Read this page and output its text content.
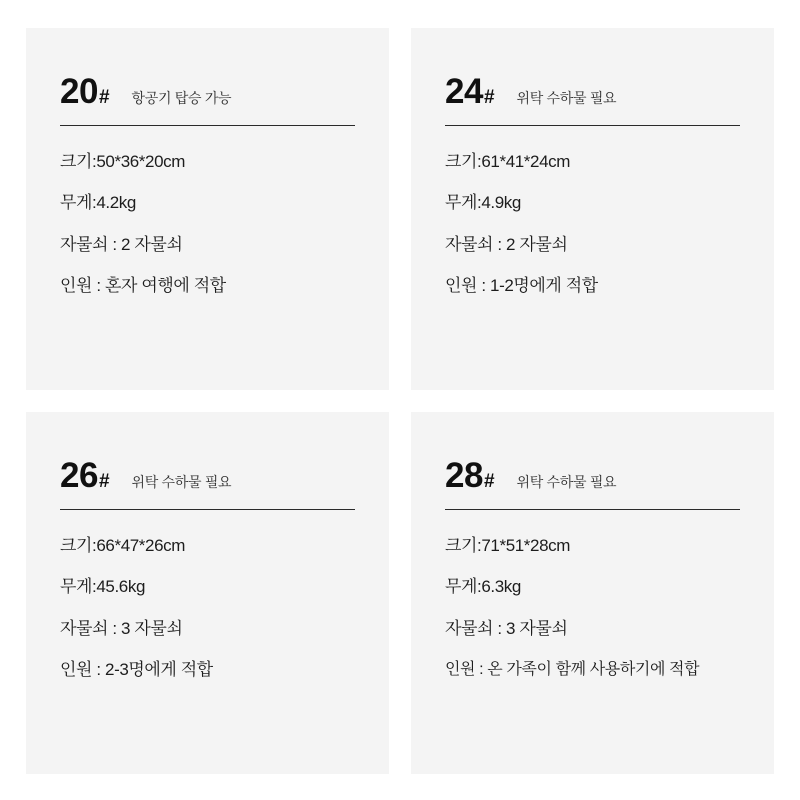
20 # 항공기 탑승 가능
크기:50*36*20cm
무게:4.2kg
자물쇠 : 2 자물쇠
인원 : 혼자 여행에 적합
24 # 위탁 수하물 필요
크기:61*41*24cm
무게:4.9kg
자물쇠 : 2 자물쇠
인원 : 1-2명에게 적합
26 # 위탁 수하물 필요
크기:66*47*26cm
무게:45.6kg
자물쇠 : 3 자물쇠
인원 : 2-3명에게 적합
28 # 위탁 수하물 필요
크기:71*51*28cm
무게:6.3kg
자물쇠 : 3 자물쇠
인원 : 온 가족이 함께 사용하기에 적합
